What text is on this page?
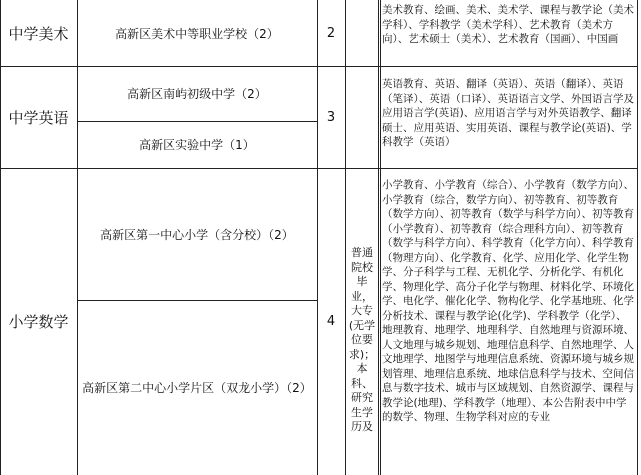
中学美术	高新区美术中等职业学校（2）	2
美术教育、绘画、美术、美术学、课程与教学论（美术学科）、学科教学（美术学科）、艺术教育（美术方向）、艺术硕士（美术）、艺术教育（国画）、中国画
中学英语
高新区南屿初级中学（2）
高新区实验中学（1）
3
英语教育、英语、翻译（英语）、英语（翻译）、英语（笔译）、英语（口译）、英语语言文学、外国语言学及应用语言学(英语)、应用语言学与对外英语教学、翻译硕士、应用英语、实用英语、课程与教学论(英语)、学科教学（英语）
小学数学
高新区第一中心小学（含分校）（2）
高新区第二中心小学片区（双龙小学）（2）
4
普通院校毕业，大专(无学位要求)；本科、研究生学历及
小学教育、小学教育（综合）、小学教育（数学方向）、小学教育（综合，数学方向）、初等教育、初等教育（数学方向）、初等教育（数学与科学方向）、初等教育（小学教育）、初等教育（综合理科方向）、初等教育（数学与科学方向）、科学教育（化学方向）、科学教育（物理方向）、化学教育、化学、应用化学、化学生物学、分子科学与工程、无机化学、分析化学、有机化学、物理化学、高分子化学与物理、材料化学、环境化学、电化学、催化化学、物构化学、化学基地班、化学分析技术、课程与教学论(化学)、学科教学（化学）、地理教育、地理学、地理科学、自然地理与资源环境、人文地理与城乡规划、地理信息科学、自然地理学、人文地理学、地图学与地理信息系统、资源环境与城乡规划管理、地理信息系统、地球信息科学与技术、空间信息与数字技术、城市与区域规划、自然资源学、课程与教学论(地理)、学科教学（地理）、本公告附表中中学的数学、物理、生物学科对应的专业
